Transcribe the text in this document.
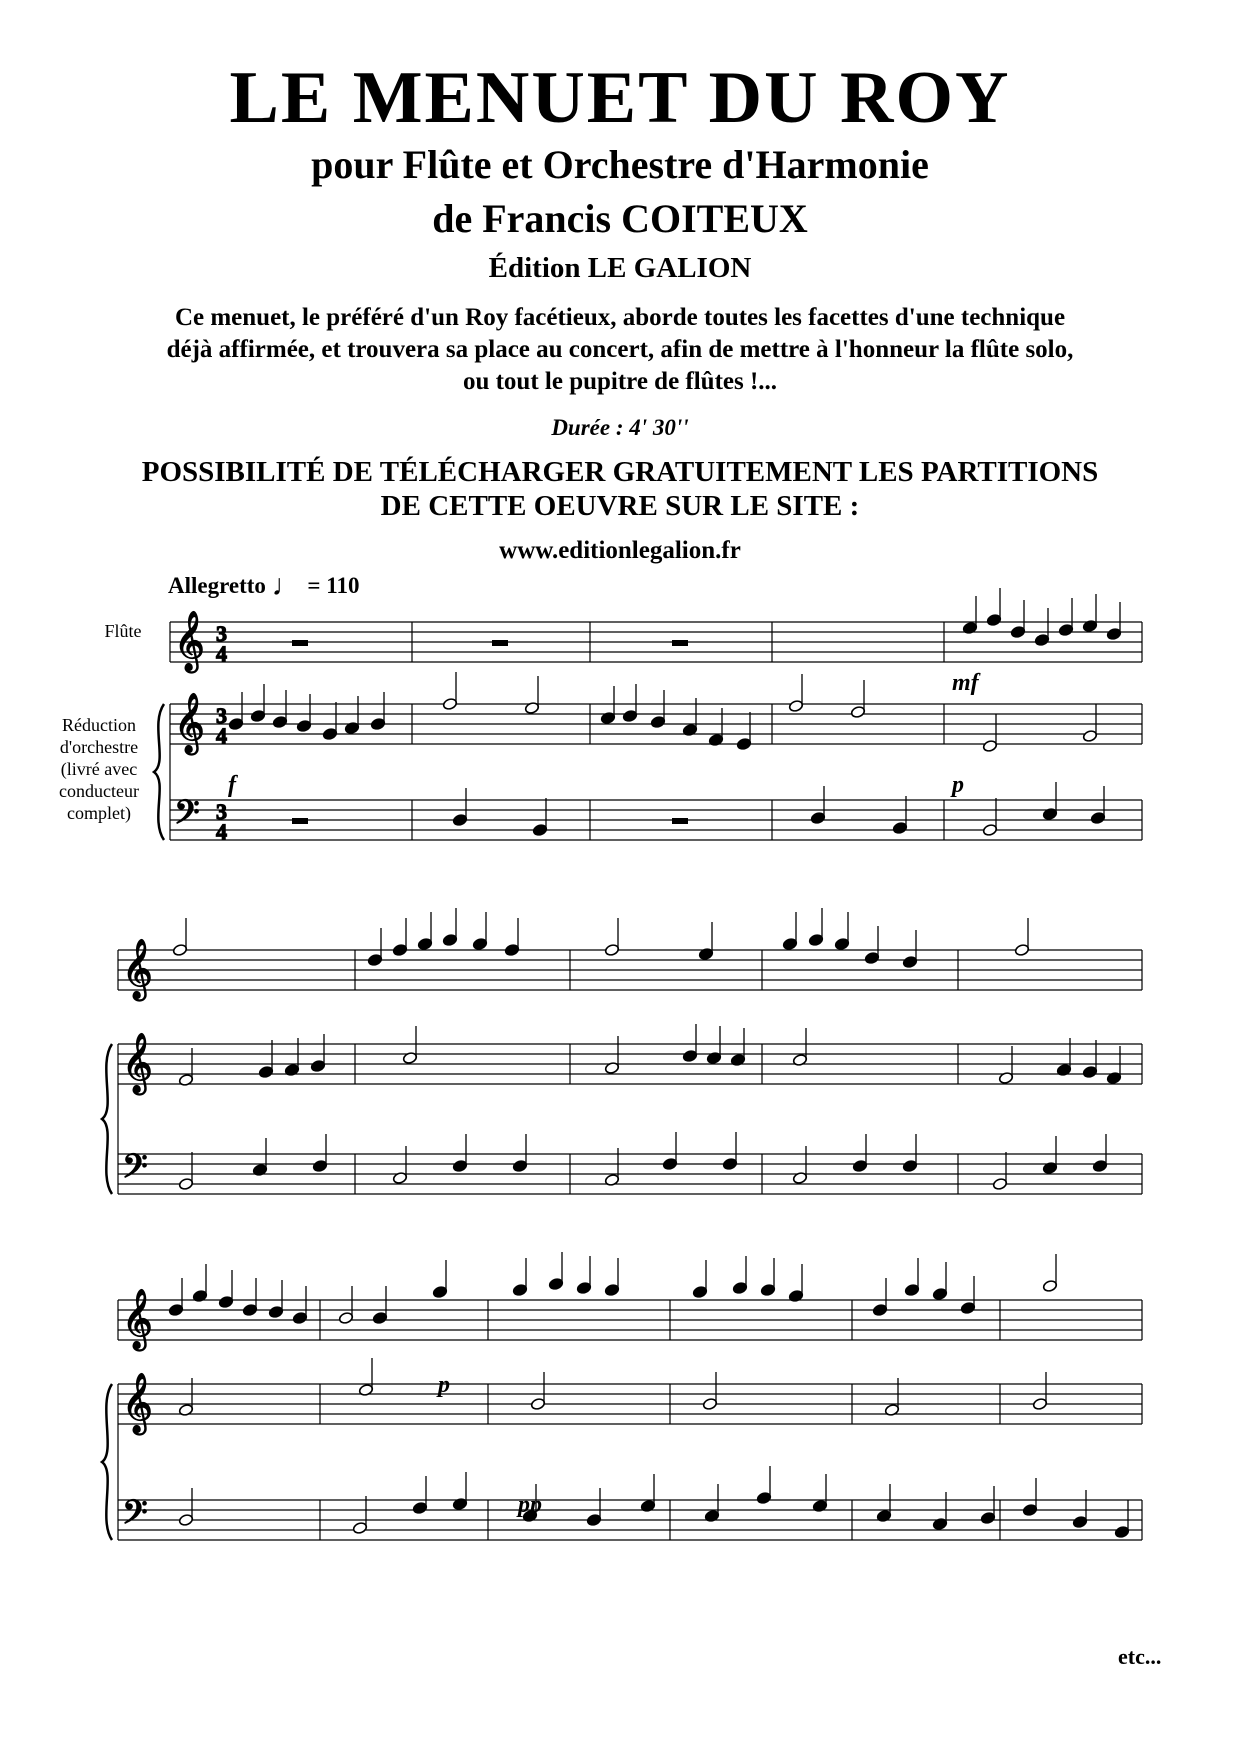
LE MENUET DU ROY
pour Flûte et Orchestre d'Harmonie
de Francis COITEUX
Édition LE GALION
Ce menuet, le préféré d'un Roy facétieux, aborde toutes les facettes d'une technique
déjà affirmée, et trouvera sa place au concert, afin de mettre à l'honneur la flûte solo,
ou tout le pupitre de flûtes !...
Durée : 4' 30''
POSSIBILITÉ DE TÉLÉCHARGER GRATUITEMENT LES PARTITIONS
DE CETTE OEUVRE SUR LE SITE :
www.editionlegalion.fr
Allegretto ♩ = 110
Flûte
Réduction
d'orchestre
(livré avec
conducteur
complet)
𝄞
𝄞
𝄢
3
4
3
4
3
4
𝄞
𝄞
𝄢
𝄞
𝄞
𝄢
mf
f	p
p
pp
etc...
